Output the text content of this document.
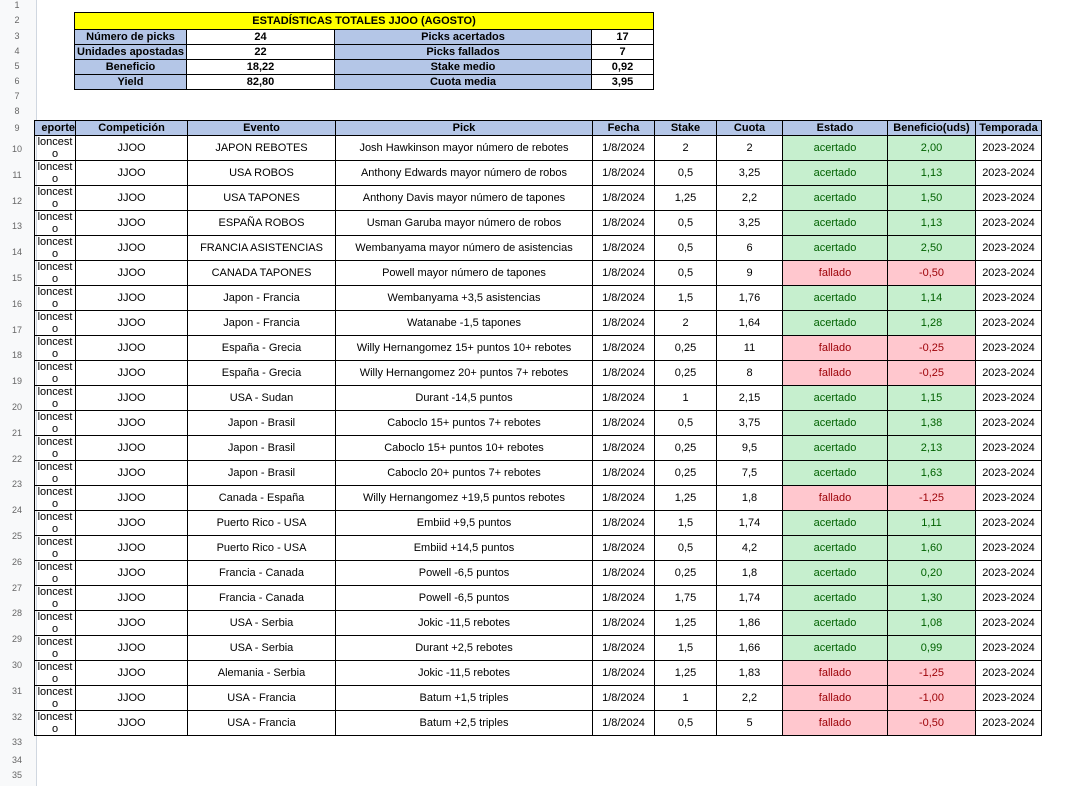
1
2
3
4
5
6
7
8
9
10
11
12
13
14
15
16
17
18
19
20
21
22
23
24
25
26
27
28
29
30
31
32
33
34
35
ESTADÍSTICAS TOTALES JJOO (AGOSTO)			
Número de picks	24	Picks acertados	17
Unidades apostadas	22	Picks fallados	7
Beneficio	18,22	Stake medio	0,92
Yield	82,80	Cuota media	3,95
eporte	Competición	Evento	Pick	Fecha	Stake	Cuota	Estado	Beneficio(uds)	Temporada

loncesto	JJOO	JAPON REBOTES	Josh Hawkinson mayor número de rebotes	1/8/2024	2	2	acertado	2,00	2023-2024

loncesto	JJOO	USA ROBOS	Anthony Edwards mayor número de robos	1/8/2024	0,5	3,25	acertado	1,13	2023-2024

loncesto	JJOO	USA TAPONES	Anthony Davis mayor número de tapones	1/8/2024	1,25	2,2	acertado	1,50	2023-2024

loncesto	JJOO	ESPAÑA ROBOS	Usman Garuba mayor número de robos	1/8/2024	0,5	3,25	acertado	1,13	2023-2024

loncesto	JJOO	FRANCIA ASISTENCIAS	Wembanyama mayor número de asistencias	1/8/2024	0,5	6	acertado	2,50	2023-2024

loncesto	JJOO	CANADA TAPONES	Powell mayor número de tapones	1/8/2024	0,5	9	fallado	-0,50	2023-2024

loncesto	JJOO	Japon - Francia	Wembanyama +3,5 asistencias	1/8/2024	1,5	1,76	acertado	1,14	2023-2024

loncesto	JJOO	Japon - Francia	Watanabe -1,5 tapones	1/8/2024	2	1,64	acertado	1,28	2023-2024

loncesto	JJOO	España - Grecia	Willy Hernangomez 15+ puntos 10+ rebotes	1/8/2024	0,25	11	fallado	-0,25	2023-2024

loncesto	JJOO	España - Grecia	Willy Hernangomez 20+ puntos 7+ rebotes	1/8/2024	0,25	8	fallado	-0,25	2023-2024

loncesto	JJOO	USA - Sudan	Durant -14,5 puntos	1/8/2024	1	2,15	acertado	1,15	2023-2024

loncesto	JJOO	Japon - Brasil	Caboclo 15+ puntos 7+ rebotes	1/8/2024	0,5	3,75	acertado	1,38	2023-2024

loncesto	JJOO	Japon - Brasil	Caboclo 15+ puntos 10+ rebotes	1/8/2024	0,25	9,5	acertado	2,13	2023-2024

loncesto	JJOO	Japon - Brasil	Caboclo 20+ puntos 7+ rebotes	1/8/2024	0,25	7,5	acertado	1,63	2023-2024

loncesto	JJOO	Canada - España	Willy Hernangomez +19,5 puntos rebotes	1/8/2024	1,25	1,8	fallado	-1,25	2023-2024

loncesto	JJOO	Puerto Rico - USA	Embiid +9,5 puntos	1/8/2024	1,5	1,74	acertado	1,11	2023-2024

loncesto	JJOO	Puerto Rico - USA	Embiid +14,5 puntos	1/8/2024	0,5	4,2	acertado	1,60	2023-2024

loncesto	JJOO	Francia - Canada	Powell -6,5 puntos	1/8/2024	0,25	1,8	acertado	0,20	2023-2024

loncesto	JJOO	Francia - Canada	Powell -6,5 puntos	1/8/2024	1,75	1,74	acertado	1,30	2023-2024

loncesto	JJOO	USA - Serbia	Jokic -11,5 rebotes	1/8/2024	1,25	1,86	acertado	1,08	2023-2024

loncesto	JJOO	USA - Serbia	Durant +2,5 rebotes	1/8/2024	1,5	1,66	acertado	0,99	2023-2024

loncesto	JJOO	Alemania - Serbia	Jokic -11,5 rebotes	1/8/2024	1,25	1,83	fallado	-1,25	2023-2024

loncesto	JJOO	USA - Francia	Batum +1,5 triples	1/8/2024	1	2,2	fallado	-1,00	2023-2024

loncesto	JJOO	USA - Francia	Batum +2,5 triples	1/8/2024	0,5	5	fallado	-0,50	2023-2024
